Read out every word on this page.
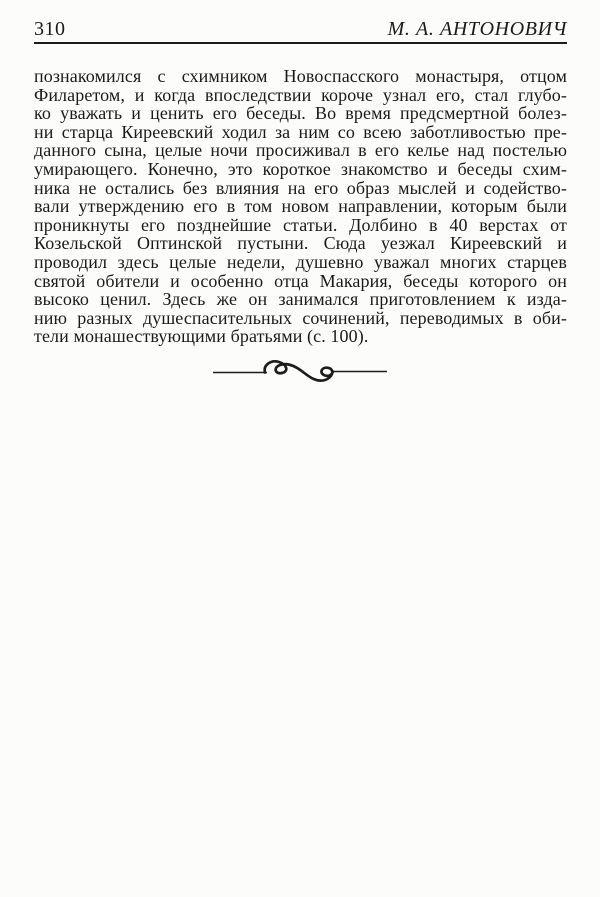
310	М. А. АНТОНОВИЧ
познакомился с схимником Новоспасского монастыря, отцом
Филаретом, и когда впоследствии короче узнал его, стал глубо-
ко уважать и ценить его беседы. Во время предсмертной болез-
ни старца Киреевский ходил за ним со всею заботливостью пре-
данного сына, целые ночи просиживал в его келье над постелью
умирающего. Конечно, это короткое знакомство и беседы схим-
ника не остались без влияния на его образ мыслей и содейство-
вали утверждению его в том новом направлении, которым были
проникнуты его позднейшие статьи. Долбино в 40 верстах от
Козельской Оптинской пустыни. Сюда уезжал Киреевский и
проводил здесь целые недели, душевно уважал многих старцев
святой обители и особенно отца Макария, беседы которого он
высоко ценил. Здесь же он занимался приготовлением к изда-
нию разных душеспасительных сочинений, переводимых в оби-
тели монашествующими братьями (с. 100).
